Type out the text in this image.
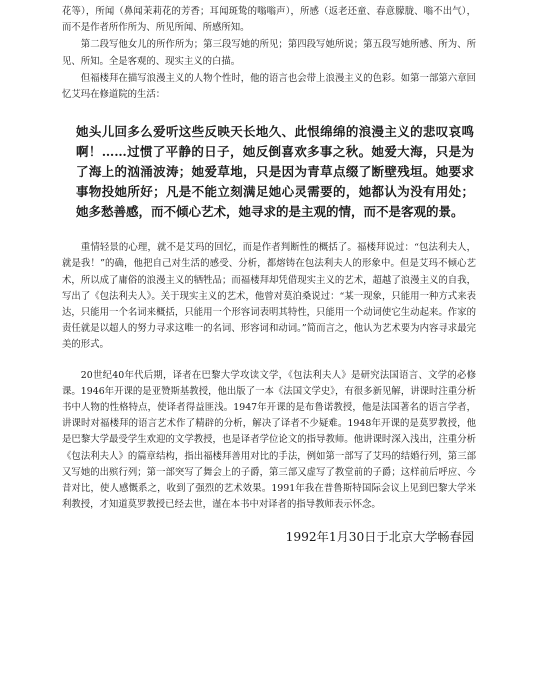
花等），所闻（鼻闻茉莉花的芳香；耳闻斑鸷的嗡嗡声），所感（返老还童、春意朦胧、嗡不出气），而不是作者所作所为、所见所闻、所感所知。

第二段写他女儿的所作所为；第三段写她的所见；第四段写她所说；第五段写她所感、所为、所见、所知。全是客观的、现实主义的白描。

但福楼拜在描写浪漫主义的人物个性时，他的语言也会带上浪漫主义的色彩。如第一部第六章回忆艾玛在修道院的生活：

她头儿回多么爱听这些反映天长地久、此恨绵绵的浪漫主义的悲叹哀鸣啊！……过惯了平静的日子，她反倒喜欢多事之秋。她爱大海，只是为了海上的汹涌波涛；她爱草地，只是因为青草点缀了断壁残垣。她要求事物投她所好；凡是不能立刻满足她心灵需要的，她都认为没有用处；她多愁善感，而不倾心艺术，她寻求的是主观的情，而不是客观的景。

重情轻景的心理，就不是艾玛的回忆，而是作者判断性的概括了。福楼拜说过：“包法利夫人，就是我！”的确，他把自己对生活的感受、分析，都熔铸在包法利夫人的形象中。但是艾玛不倾心艺术，所以成了庸俗的浪漫主义的牺牲品；而福楼拜却凭借现实主义的艺术，超越了浪漫主义的自我，写出了《包法利夫人》。关于现实主义的艺术，他曾对莫泊桑说过：“某一现象，只能用一种方式来表达，只能用一个名词来概括，只能用一个形容词表明其特性，只能用一个动词使它生动起来。作家的责任就是以超人的努力寻求这唯一的名词、形容词和动词。”简而言之，他认为艺术要为内容寻求最完美的形式。

20世纪40年代后期，译者在巴黎大学攻读文学，《包法利夫人》是研究法国语言、文学的必修课。1946年开课的是亚赞斯基教授，他出版了一本《法国文学史》，有很多新见解，讲课时注重分析书中人物的性格特点，使译者得益匪浅。1947年开课的是布鲁诺教授，他是法国著名的语言学者，讲课时对福楼拜的语言艺术作了精辟的分析，解决了译者不少疑难。1948年开课的是莫罗教授，他是巴黎大学最受学生欢迎的文学教授，也是译者学位论文的指导教师。他讲课时深入浅出，注重分析《包法利夫人》的篇章结构，指出福楼拜善用对比的手法，例如第一部写了艾玛的结婚行列，第三部又写她的出殡行列；第一部突写了舞会上的子爵，第三部又虚写了教堂前的子爵；这样前后呼应、今昔对比，使人感慨系之，收到了强烈的艺术效果。1991年我在普鲁斯特国际会议上见到巴黎大学米利教授，才知道莫罗教授已经去世，谨在本书中对译者的指导教师表示怀念。

1992年1月30日于北京大学畅春园
